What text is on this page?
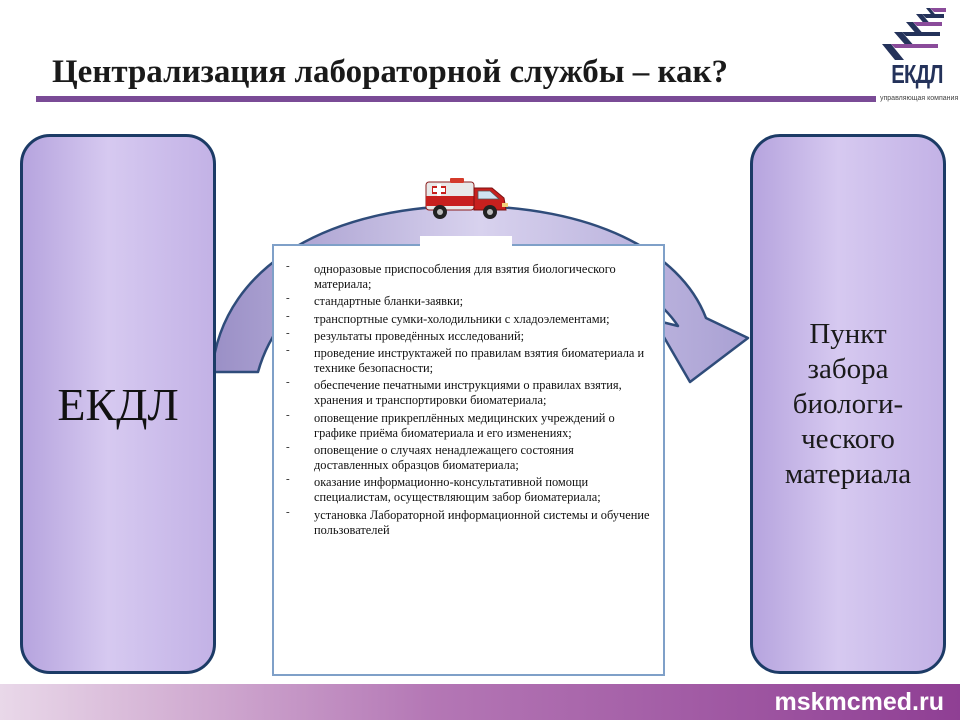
Централизация лабораторной службы – как?	ЕКДЛ
управляющая компания
ЕКДЛ
Пункт
забора
биологи-
ческого
материала
- одноразовые приспособления для взятия биологического материала;
- стандартные бланки-заявки;
- транспортные сумки-холодильники с хладоэлементами;
- результаты проведённых исследований;
- проведение инструктажей по правилам взятия биоматериала и технике безопасности;
- обеспечение печатными инструкциями о правилах взятия, хранения и транспортировки биоматериала;
- оповещение прикреплённых медицинских учреждений о графике приёма биоматериала и его изменениях;
- оповещение о случаях ненадлежащего состояния доставленных образцов биоматериала;
- оказание информационно-консультативной помощи специалистам, осуществляющим забор биоматериала;
- установка Лабораторной информационной системы и обучение пользователей
mskmcmed.ru
